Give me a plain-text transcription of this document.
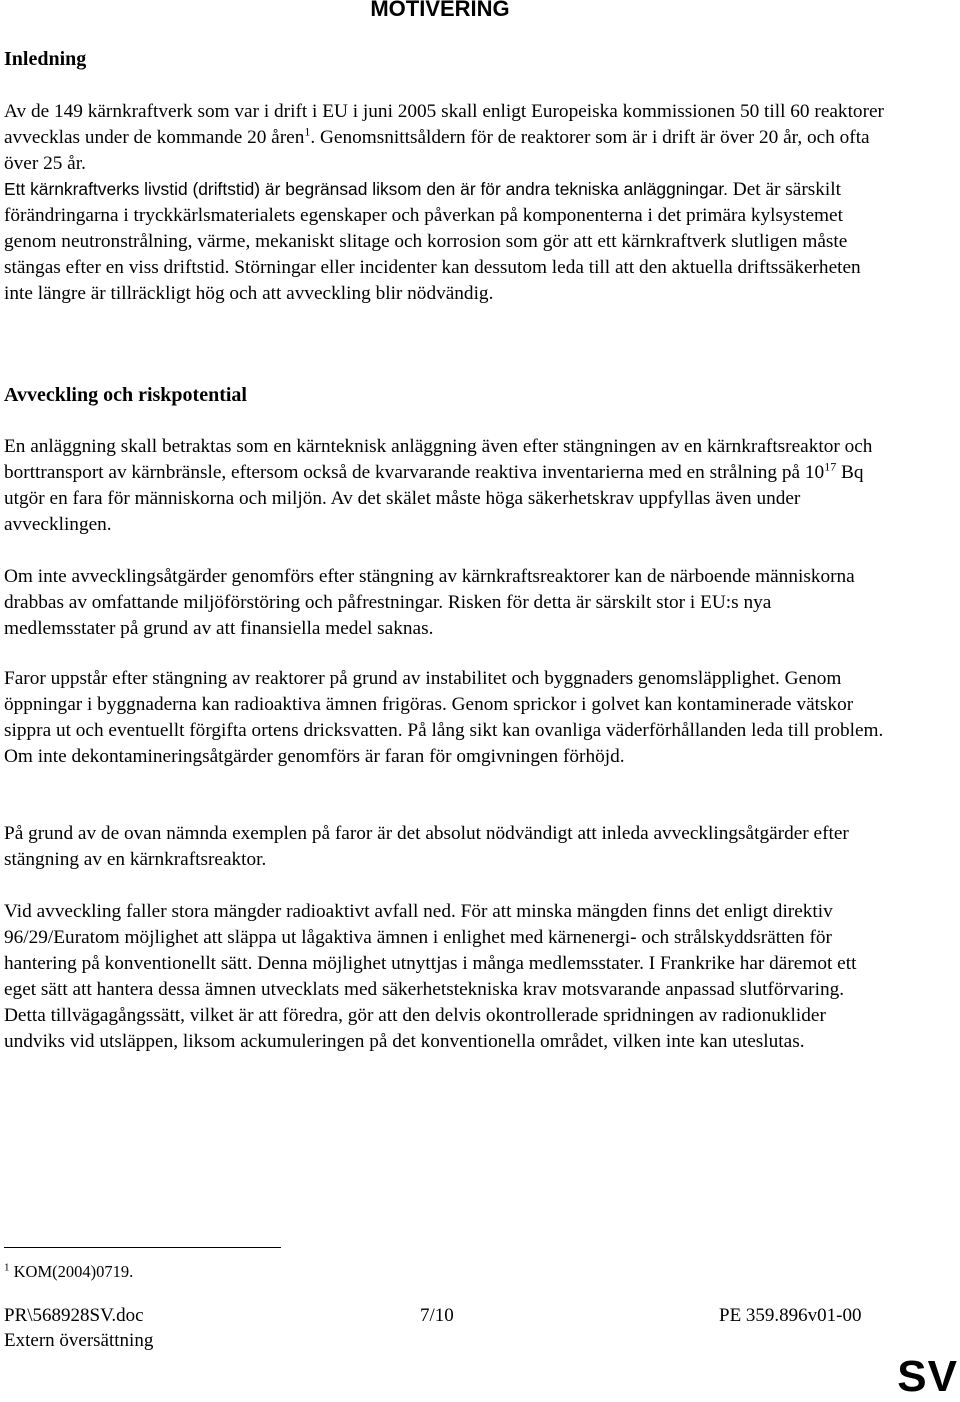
MOTIVERING
Inledning

Av de 149 kärnkraftverk som var i drift i EU i juni 2005 skall enligt Europeiska kommissionen 50 till 60 reaktorer avvecklas under de kommande 20 åren$^1$. Genomsnittsåldern för de reaktorer som är i drift är över 20 år, och ofta över 25 år.

Ett kärnkraftverks livstid (driftstid) är begränsad liksom den är för andra tekniska anläggningar. Det är särskilt förändringarna i tryckkärlsmaterialets egenskaper och påverkan på komponenterna i det primära kylsystemet genom neutronstrålning, värme, mekaniskt slitage och korrosion som gör att ett kärnkraftverk slutligen måste stängas efter en viss driftstid. Störningar eller incidenter kan dessutom leda till att den aktuella driftssäkerheten inte längre är tillräckligt hög och att avveckling blir nödvändig.

Avveckling och riskpotential

En anläggning skall betraktas som en kärnteknisk anläggning även efter stängningen av en kärnkraftsreaktor och borttransport av kärnbränsle, eftersom också de kvarvarande reaktiva inventarierna med en strålning på $10^{17}$ Bq utgör en fara för människorna och miljön. Av det skälet måste höga säkerhetskrav uppfyllas även under avvecklingen.

Om inte avvecklingsåtgärder genomförs efter stängning av kärnkraftsreaktorer kan de närboende människorna drabbas av omfattande miljöförstöring och påfrestningar. Risken för detta är särskilt stor i EU:s nya medlemsstater på grund av att finansiella medel saknas.

Faror uppstår efter stängning av reaktorer på grund av instabilitet och byggnaders genomsläpplighet. Genom öppningar i byggnaderna kan radioaktiva ämnen frigöras. Genom sprickor i golvet kan kontaminerade vätskor sippra ut och eventuellt förgifta ortens dricksvatten. På lång sikt kan ovanliga väderförhållanden leda till problem. Om inte dekontamineringsåtgärder genomförs är faran för omgivningen förhöjd.

På grund av de ovan nämnda exemplen på faror är det absolut nödvändigt att inleda avvecklingsåtgärder efter stängning av en kärnkraftsreaktor.

Vid avveckling faller stora mängder radioaktivt avfall ned. För att minska mängden finns det enligt direktiv 96/29/Euratom möjlighet att släppa ut lågaktiva ämnen i enlighet med kärnenergi- och strålskyddsrätten för hantering på konventionellt sätt. Denna möjlighet utnyttjas i många medlemsstater. I Frankrike har däremot ett eget sätt att hantera dessa ämnen utvecklats med säkerhetstekniska krav motsvarande anpassad slutförvaring. Detta tillvägagångssätt, vilket är att föredra, gör att den delvis okontrollerade spridningen av radionuklider undviks vid utsläppen, liksom ackumuleringen på det konventionella området, vilken inte kan uteslutas.

$^1$ KOM(2004)0719.
PR\568928SV.doc	7/10	PE 359.896v01-00
Extern översättning
SV
